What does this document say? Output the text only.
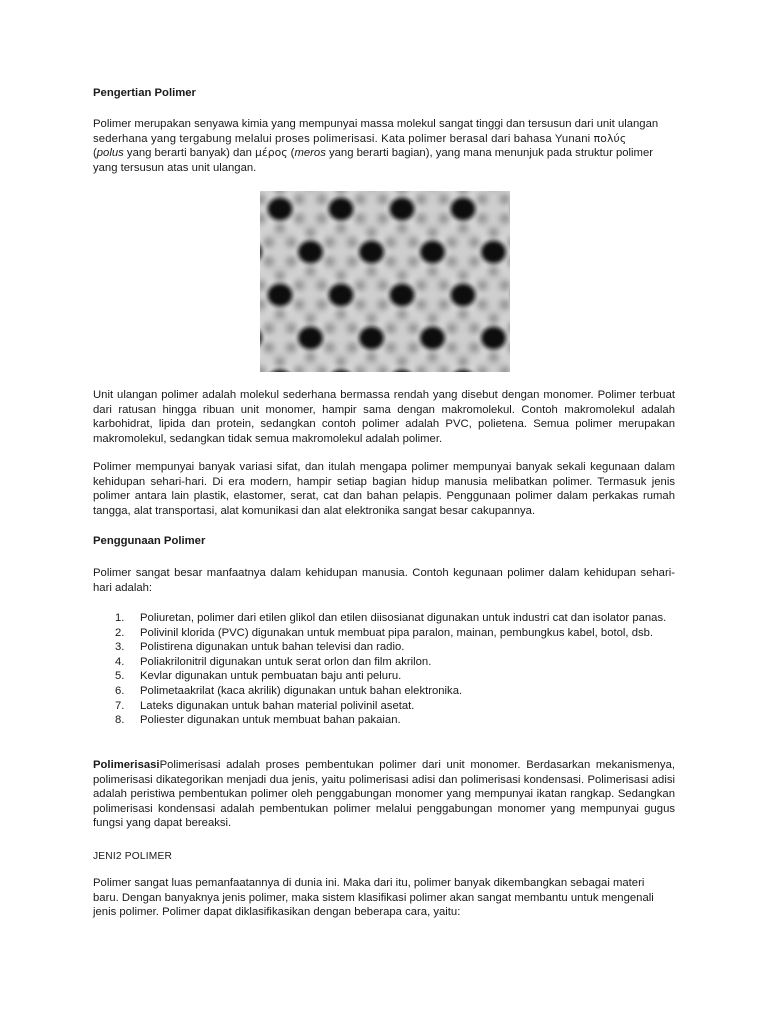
Pengertian Polimer

Polimer merupakan senyawa kimia yang mempunyai massa molekul sangat tinggi dan tersusun dari unit ulangan
sederhana yang tergabung melalui proses polimerisasi. Kata polimer berasal dari bahasa Yunani πολύς
(polus yang berarti banyak) dan μέρος (meros yang berarti bagian), yang mana menunjuk pada struktur polimer
yang tersusun atas unit ulangan.

Unit ulangan polimer adalah molekul sederhana bermassa rendah yang disebut dengan monomer. Polimer terbuat dari ratusan hingga ribuan unit monomer, hampir sama dengan makromolekul. Contoh makromolekul adalah karbohidrat, lipida dan protein, sedangkan contoh polimer adalah PVC, polietena. Semua polimer merupakan makromolekul, sedangkan tidak semua makromolekul adalah polimer.

Polimer mempunyai banyak variasi sifat, dan itulah mengapa polimer mempunyai banyak sekali kegunaan dalam kehidupan sehari-hari. Di era modern, hampir setiap bagian hidup manusia melibatkan polimer. Termasuk jenis polimer antara lain plastik, elastomer, serat, cat dan bahan pelapis. Penggunaan polimer dalam perkakas rumah tangga, alat transportasi, alat komunikasi dan alat elektronika sangat besar cakupannya.

Penggunaan Polimer

Polimer sangat besar manfaatnya dalam kehidupan manusia. Contoh kegunaan polimer dalam kehidupan sehari-hari adalah:

1. Poliuretan, polimer dari etilen glikol dan etilen diisosianat digunakan untuk industri cat dan isolator panas.
2. Polivinil klorida (PVC) digunakan untuk membuat pipa paralon, mainan, pembungkus kabel, botol, dsb.
3. Polistirena digunakan untuk bahan televisi dan radio.
4. Poliakrilonitril digunakan untuk serat orlon dan film akrilon.
5. Kevlar digunakan untuk pembuatan baju anti peluru.
6. Polimetaakrilat (kaca akrilik) digunakan untuk bahan elektronika.
7. Lateks digunakan untuk bahan material polivinil asetat.
8. Poliester digunakan untuk membuat bahan pakaian.

PolimerisasiPolimerisasi adalah proses pembentukan polimer dari unit monomer. Berdasarkan mekanismenya, polimerisasi dikategorikan menjadi dua jenis, yaitu polimerisasi adisi dan polimerisasi kondensasi. Polimerisasi adisi adalah peristiwa pembentukan polimer oleh penggabungan monomer yang mempunyai ikatan rangkap. Sedangkan polimerisasi kondensasi adalah pembentukan polimer melalui penggabungan monomer yang mempunyai gugus fungsi yang dapat bereaksi.

JENI2 POLIMER

Polimer sangat luas pemanfaatannya di dunia ini. Maka dari itu, polimer banyak dikembangkan sebagai materi
baru. Dengan banyaknya jenis polimer, maka sistem klasifikasi polimer akan sangat membantu untuk mengenali
jenis polimer. Polimer dapat diklasifikasikan dengan beberapa cara, yaitu:
